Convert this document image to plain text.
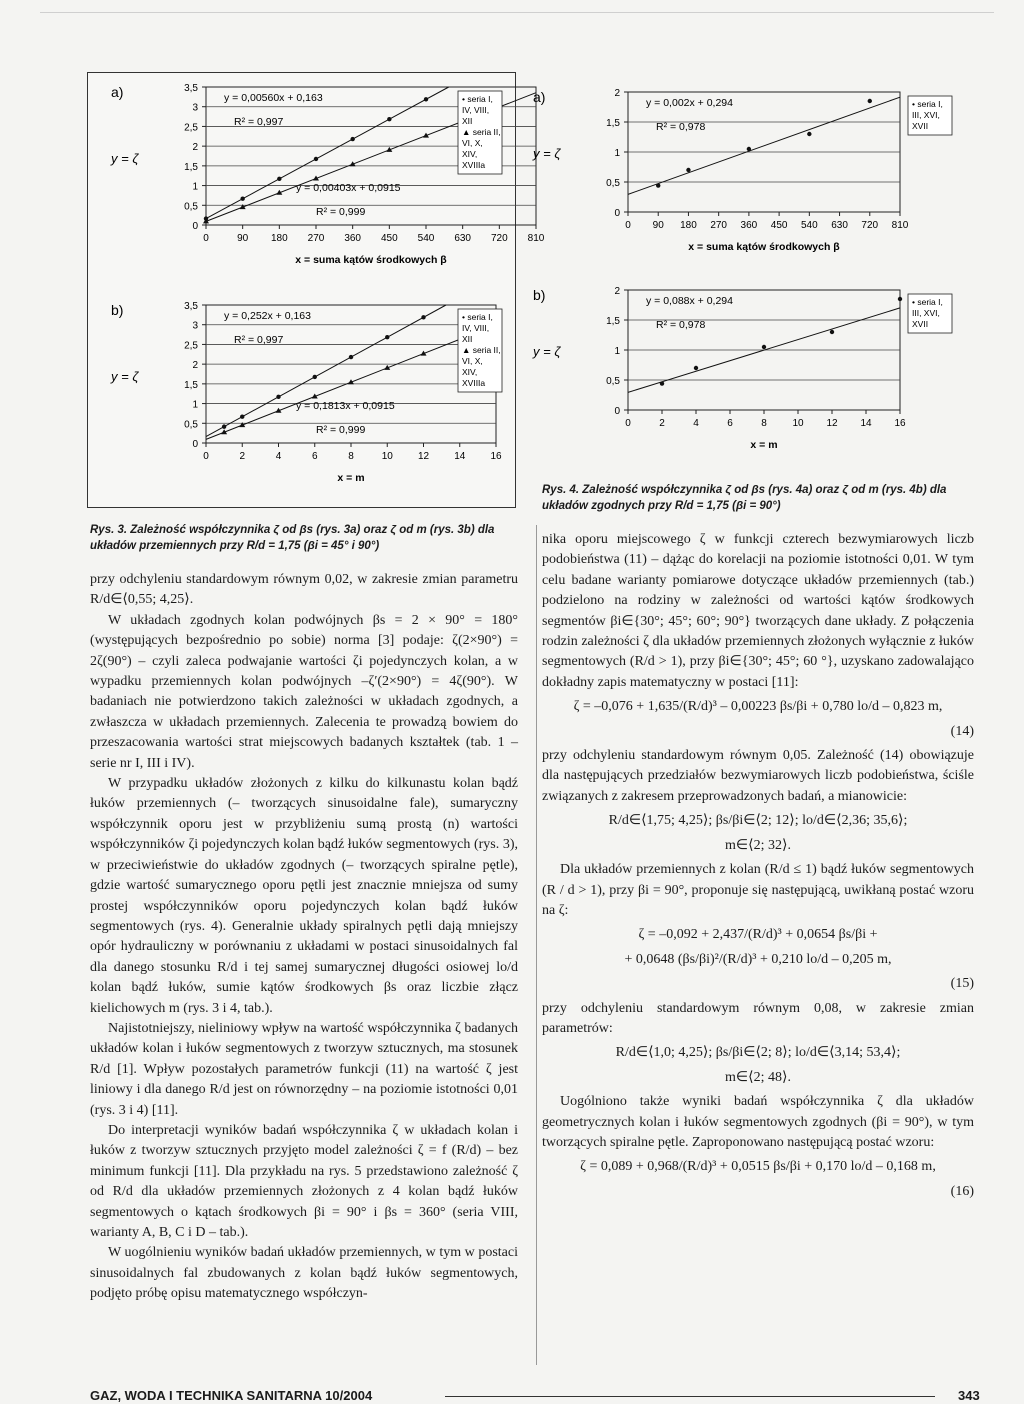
a)
y = ζ
0
0,5
1
1,5
2
2,5
3
3,5
0	90 180 270 360 450 540 630 720 810
x = suma kątów środkowych β
y = 0,00560x + 0,163
R² = 0,997
y = 0,00403x + 0,0915
R² = 0,999
• seria I,
IV, VIII,
XII
▲ seria II,
VI, X,
XIV,
XVIIIa
b)
y = ζ
0
0,5
1
1,5
2
2,5
3
3,5
0	2	4	6	8	10	12	14	16
x = m
y = 0,252x + 0,163
R² = 0,997
y = 0,1813x + 0,0915
R² = 0,999
• seria I,
IV, VIII,
XII
▲ seria II,
VI, X,
XIV,
XVIIIa
a)
y = ζ
0
0,5
1
1,5
2
0 90 180 270 360 450 540 630 720 810
x = suma kątów środkowych β
y = 0,002x + 0,294
R² = 0,978
• seria I,
III, XVI,
XVII
b)
y = ζ
0
0,5
1
1,5
2
0	2	4	6	8	10 12 14 16
x = m
y = 0,088x + 0,294
R² = 0,978
• seria I,
III, XVI,
XVII
Rys. 3. Zależność współczynnika ζ od βs (rys. 3a) oraz ζ od m (rys. 3b) dla układów przemiennych przy R/d = 1,75 (βi = 45° i 90°)
Rys. 4. Zależność współczynnika ζ od βs (rys. 4a) oraz ζ od m (rys. 4b) dla układów zgodnych przy R/d = 1,75 (βi = 90°)

przy odchyleniu standardowym równym 0,02, w zakresie zmian parametru R/d∈⟨0,55; 4,25⟩.

W układach zgodnych kolan podwójnych βs = 2 × 90° = 180° (występujących bezpośrednio po sobie) norma [3] podaje: ζ(2×90°) = 2ζ(90°) – czyli zaleca podwajanie wartości ζi pojedynczych kolan, a w wypadku przemiennych kolan podwójnych –ζ′(2×90°) = 4ζ(90°). W badaniach nie potwierdzono takich zależności w układach zgodnych, a zwłaszcza w układach przemiennych. Zalecenia te prowadzą bowiem do przeszacowania wartości strat miejscowych badanych kształtek (tab. 1 – serie nr I, III i IV).

W przypadku układów złożonych z kilku do kilkunastu kolan bądź łuków przemiennych (– tworzących sinusoidalne fale), sumaryczny współczynnik oporu jest w przybliżeniu sumą prostą (n) wartości współczynników ζi pojedynczych kolan bądź łuków segmentowych (rys. 3), w przeciwieństwie do układów zgodnych (– tworzących spiralne pętle), gdzie wartość sumarycznego oporu pętli jest znacznie mniejsza od sumy prostej współczynników oporu pojedynczych kolan bądź łuków segmentowych (rys. 4). Generalnie układy spiralnych pętli dają mniejszy opór hydrauliczny w porównaniu z układami w postaci sinusoidalnych fal dla danego stosunku R/d i tej samej sumarycznej długości osiowej lo/d kolan bądź łuków, sumie kątów środkowych βs oraz liczbie złącz kielichowych m (rys. 3 i 4, tab.).

Najistotniejszy, nieliniowy wpływ na wartość współczynnika ζ badanych układów kolan i łuków segmentowych z tworzyw sztucznych, ma stosunek R/d [1]. Wpływ pozostałych parametrów funkcji (11) na wartość ζ jest liniowy i dla danego R/d jest on równorzędny – na poziomie istotności 0,01 (rys. 3 i 4) [11].

Do interpretacji wyników badań współczynnika ζ w układach kolan i łuków z tworzyw sztucznych przyjęto model zależności ζ = f (R/d) – bez minimum funkcji [11]. Dla przykładu na rys. 5 przedstawiono zależność ζ od R/d dla układów przemiennych złożonych z 4 kolan bądź łuków segmentowych o kątach środkowych βi = 90° i βs = 360° (seria VIII, warianty A, B, C i D – tab.).

W uogólnieniu wyników badań układów przemiennych, w tym w postaci sinusoidalnych fal zbudowanych z kolan bądź łuków segmentowych, podjęto próbę opisu matematycznego współczyn-

nika oporu miejscowego ζ w funkcji czterech bezwymiarowych liczb podobieństwa (11) – dążąc do korelacji na poziomie istotności 0,01. W tym celu badane warianty pomiarowe dotyczące układów przemiennych (tab.) podzielono na rodziny w zależności od wartości kątów środkowych segmentów βi∈{30°; 45°; 60°; 90°} tworzących dane układy. Z połączenia rodzin zależności ζ dla układów przemiennych złożonych wyłącznie z łuków segmentowych (R/d > 1), przy βi∈{30°; 45°; 60 °}, uzyskano zadowalająco dokładny zapis matematyczny w postaci [11]:

ζ = –0,076 + 1,635/(R/d)³ – 0,00223 βs/βi + 0,780 lo/d – 0,823 m,
(14)

przy odchyleniu standardowym równym 0,05. Zależność (14) obowiązuje dla następujących przedziałów bezwymiarowych liczb podobieństwa, ściśle związanych z zakresem przeprowadzonych badań, a mianowicie:

R/d∈⟨1,75; 4,25⟩; βs/βi∈⟨2; 12⟩; lo/d∈⟨2,36; 35,6⟩;
m∈⟨2; 32⟩.

Dla układów przemiennych z kolan (R/d ≤ 1) bądź łuków segmentowych (R / d > 1), przy βi = 90°, proponuje się następującą, uwikłaną postać wzoru na ζ:

ζ = –0,092 + 2,437/(R/d)³ + 0,0654 βs/βi +
+ 0,0648 (βs/βi)²/(R/d)³ + 0,210 lo/d – 0,205 m,
(15)

przy odchyleniu standardowym równym 0,08, w zakresie zmian parametrów:

R/d∈⟨1,0; 4,25⟩; βs/βi∈⟨2; 8⟩; lo/d∈⟨3,14; 53,4⟩;
m∈⟨2; 48⟩.

Uogólniono także wyniki badań współczynnika ζ dla układów geometrycznych kolan i łuków segmentowych zgodnych (βi = 90°), w tym tworzących spiralne pętle. Zaproponowano następującą postać wzoru:

ζ = 0,089 + 0,968/(R/d)³ + 0,0515 βs/βi + 0,170 lo/d – 0,168 m,
(16)
GAZ, WODA I TECHNIKA SANITARNA 10/2004	343
